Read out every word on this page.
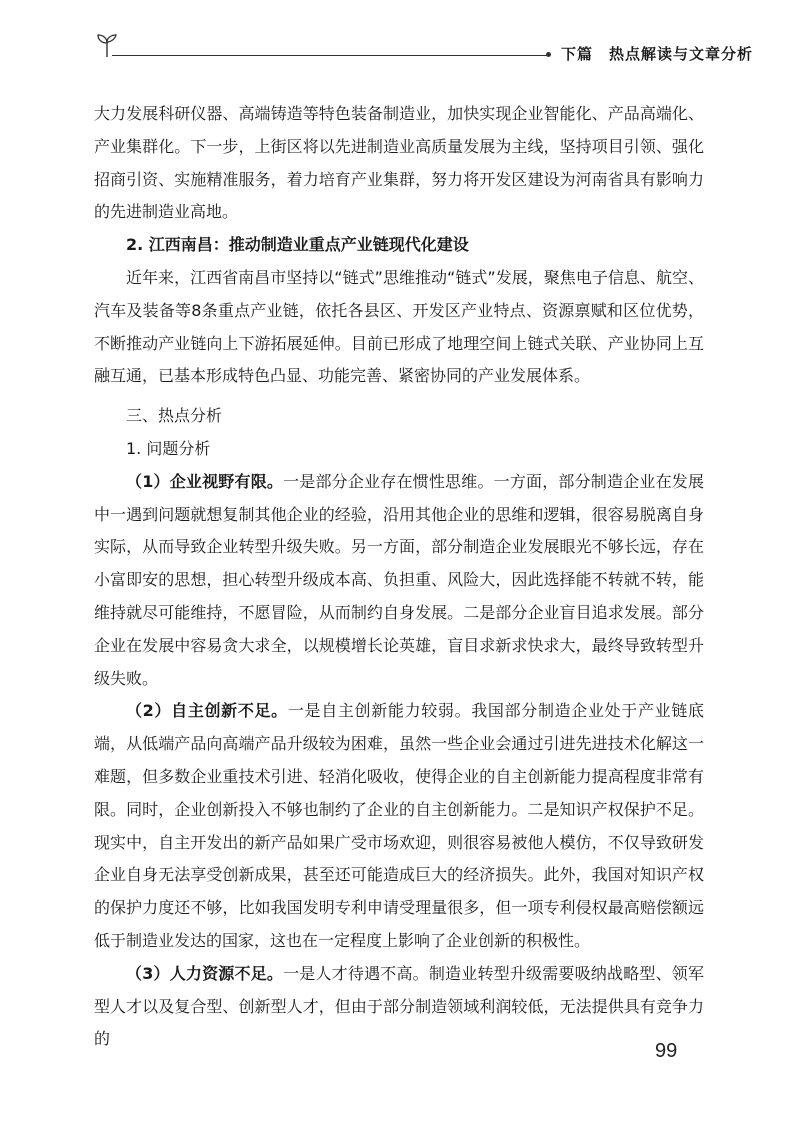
下篇　热点解读与文章分析

大力发展科研仪器、高端铸造等特色装备制造业，加快实现企业智能化、产品高端化、产业集群化。下一步，上街区将以先进制造业高质量发展为主线，坚持项目引领、强化招商引资、实施精准服务，着力培育产业集群，努力将开发区建设为河南省具有影响力的先进制造业高地。

2. 江西南昌：推动制造业重点产业链现代化建设

近年来，江西省南昌市坚持以“链式”思维推动“链式”发展，聚焦电子信息、航空、汽车及装备等8条重点产业链，依托各县区、开发区产业特点、资源禀赋和区位优势，不断推动产业链向上下游拓展延伸。目前已形成了地理空间上链式关联、产业协同上互融互通，已基本形成特色凸显、功能完善、紧密协同的产业发展体系。

三、热点分析

1. 问题分析

（1）企业视野有限。一是部分企业存在惯性思维。一方面，部分制造企业在发展中一遇到问题就想复制其他企业的经验，沿用其他企业的思维和逻辑，很容易脱离自身实际，从而导致企业转型升级失败。另一方面，部分制造企业发展眼光不够长远，存在小富即安的思想，担心转型升级成本高、负担重、风险大，因此选择能不转就不转，能维持就尽可能维持，不愿冒险，从而制约自身发展。二是部分企业盲目追求发展。部分企业在发展中容易贪大求全，以规模增长论英雄，盲目求新求快求大，最终导致转型升级失败。

（2）自主创新不足。一是自主创新能力较弱。我国部分制造企业处于产业链底端，从低端产品向高端产品升级较为困难，虽然一些企业会通过引进先进技术化解这一难题，但多数企业重技术引进、轻消化吸收，使得企业的自主创新能力提高程度非常有限。同时，企业创新投入不够也制约了企业的自主创新能力。二是知识产权保护不足。现实中，自主开发出的新产品如果广受市场欢迎，则很容易被他人模仿，不仅导致研发企业自身无法享受创新成果，甚至还可能造成巨大的经济损失。此外，我国对知识产权的保护力度还不够，比如我国发明专利申请受理量很多，但一项专利侵权最高赔偿额远低于制造业发达的国家，这也在一定程度上影响了企业创新的积极性。

（3）人力资源不足。一是人才待遇不高。制造业转型升级需要吸纳战略型、领军型人才以及复合型、创新型人才，但由于部分制造领域利润较低，无法提供具有竞争力的

99
